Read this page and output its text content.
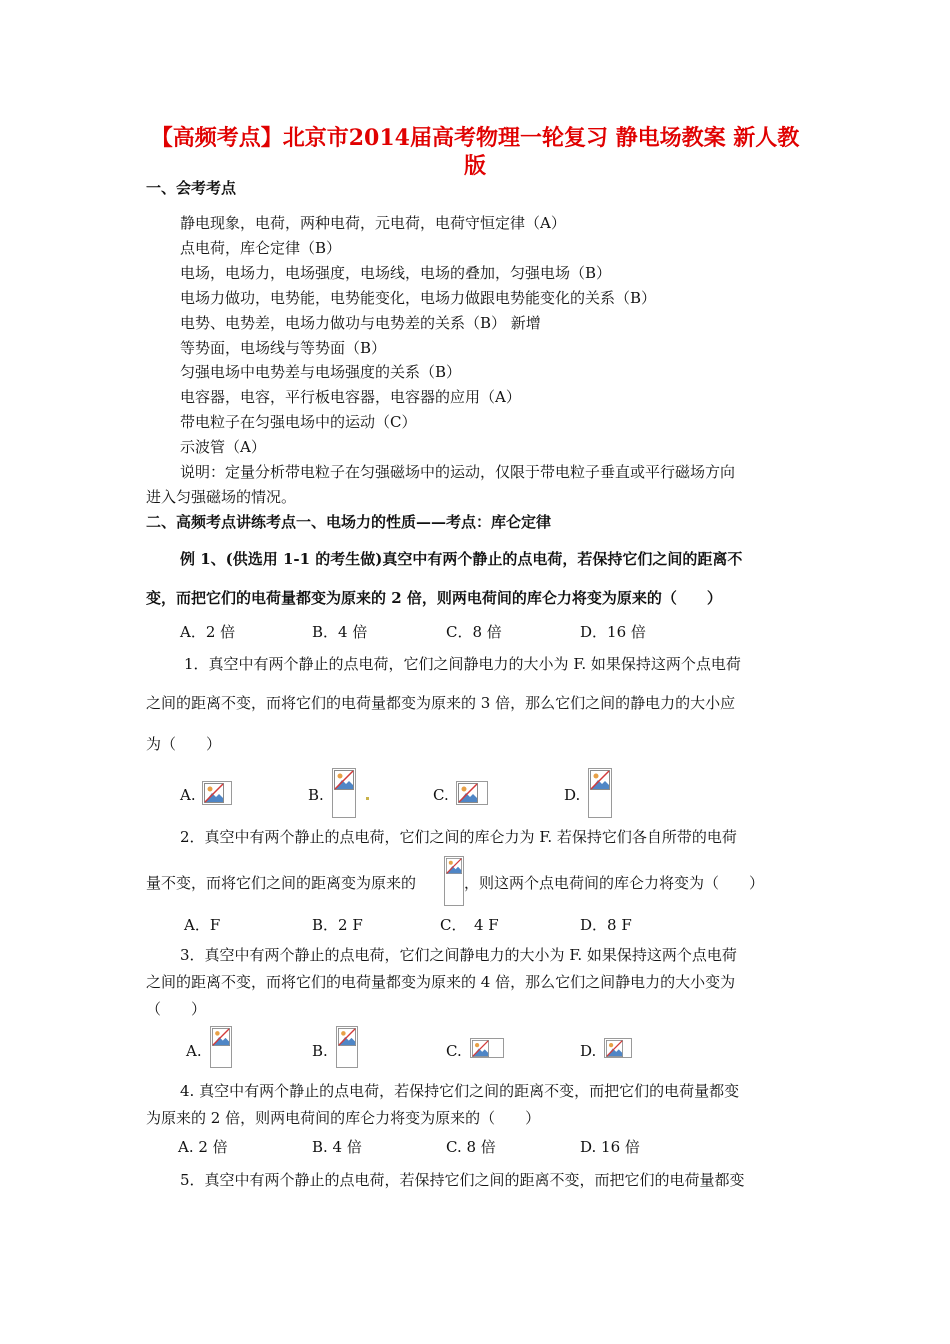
【高频考点】北京市2014届高考物理一轮复习 静电场教案 新人教
版
一、会考考点
静电现象，电荷，两种电荷，元电荷，电荷守恒定律（A）
点电荷，库仑定律（B）
电场，电场力，电场强度，电场线，电场的叠加，匀强电场（B）
电场力做功，电势能，电势能变化，电场力做跟电势能变化的关系（B）
电势、电势差，电场力做功与电势差的关系（B） 新增
等势面，电场线与等势面（B）
匀强电场中电势差与电场强度的关系（B）
电容器，电容，平行板电容器，电容器的应用（A）
带电粒子在匀强电场中的运动（C）
示波管（A）
说明：定量分析带电粒子在匀强磁场中的运动，仅限于带电粒子垂直或平行磁场方向
进入匀强磁场的情况。
二、高频考点讲练考点一、电场力的性质——考点：库仑定律
例 1、(供选用 1-1 的考生做)真空中有两个静止的点电荷，若保持它们之间的距离不
变，而把它们的电荷量都变为原来的 2 倍，则两电荷间的库仑力将变为原来的（　　）
A．2 倍	B．4 倍	C．8 倍	D．16 倍
1．真空中有两个静止的点电荷，它们之间静电力的大小为 F. 如果保持这两个点电荷
之间的距离不变，而将它们的电荷量都变为原来的 3 倍，那么它们之间的静电力的大小应
为（　　）
A.	B.	C.	D.
2．真空中有两个静止的点电荷，它们之间的库仑力为 F. 若保持它们各自所带的电荷
量不变，而将它们之间的距离变为原来的	，则这两个点电荷间的库仑力将变为（　　）
A．F	B．2 F	C．　4 F	D．8 F
3．真空中有两个静止的点电荷，它们之间静电力的大小为 F. 如果保持这两个点电荷
之间的距离不变，而将它们的电荷量都变为原来的 4 倍，那么它们之间静电力的大小变为
（　　）
A.	B.	C.	D.
4. 真空中有两个静止的点电荷，若保持它们之间的距离不变，而把它们的电荷量都变
为原来的 2 倍，则两电荷间的库仑力将变为原来的（　　）
A. 2 倍	B. 4 倍	C. 8 倍	D. 16 倍
5．真空中有两个静止的点电荷，若保持它们之间的距离不变，而把它们的电荷量都变
